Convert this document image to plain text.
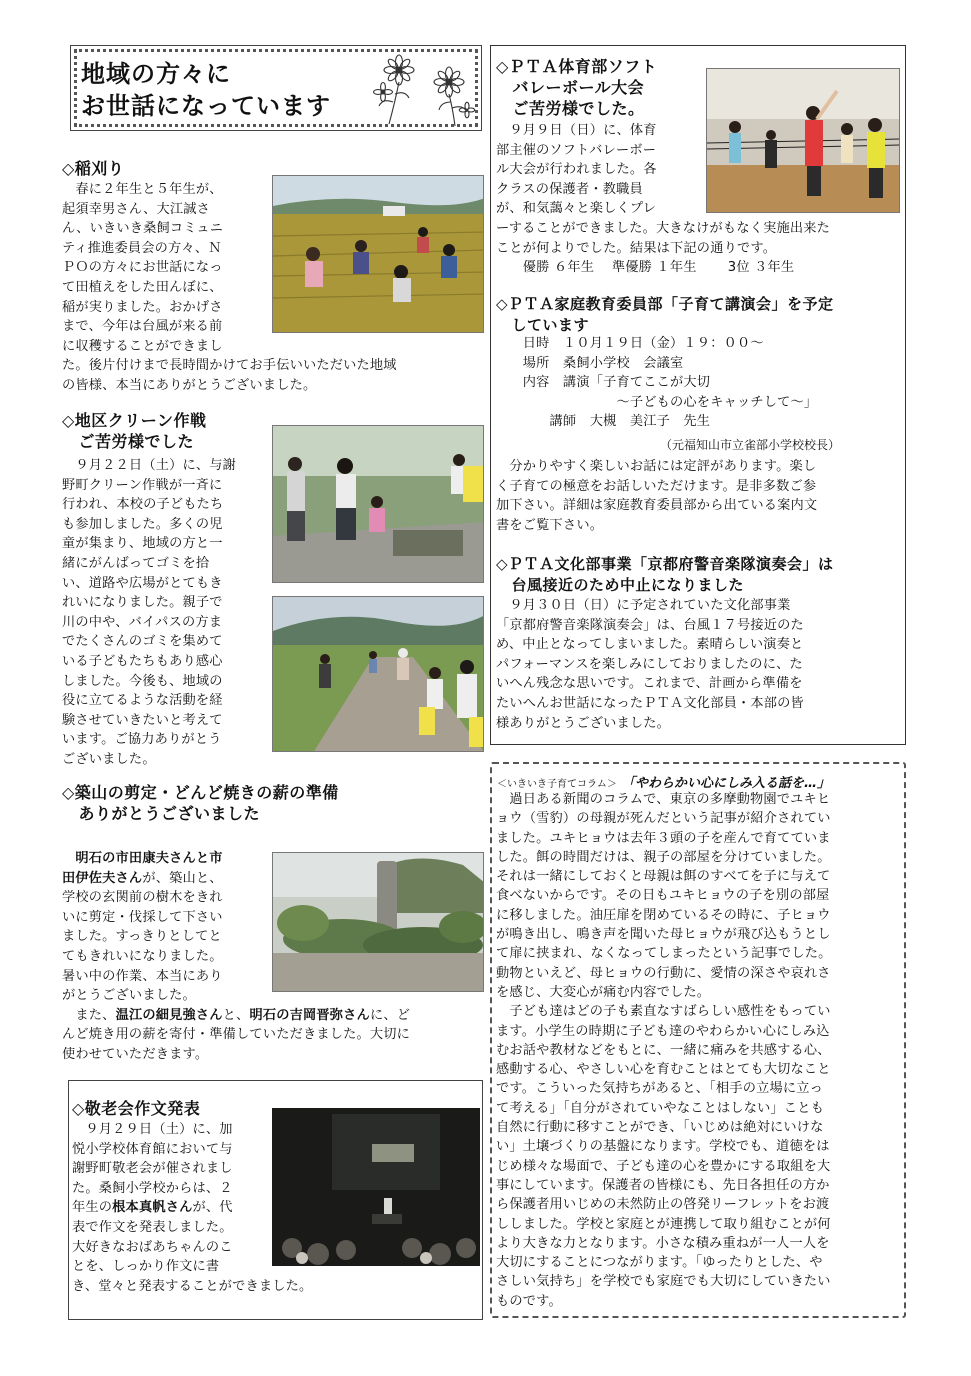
地域の方々に
お世話になっています
◇稲刈り
　春に２年生と５年生が、
起須幸男さん、大江誠さ
ん、いきいき桑飼コミュニ
ティ推進委員会の方々、Ｎ
ＰＯの方々にお世話になっ
て田植えをした田んぼに、
稲が実りました。おかげさ
まで、今年は台風が来る前
に収穫することができまし
た。後片付けまで長時間かけてお手伝いいただいた地域
の皆様、本当にありがとうございました。
◇地区クリーン作戦
　ご苦労様でした
　９月２２日（土）に、与謝
野町クリーン作戦が一斉に
行われ、本校の子どもたち
も参加しました。多くの児
童が集まり、地域の方と一
緒にがんばってゴミを拾
い、道路や広場がとてもき
れいになりました。親子で
川の中や、バイパスの方ま
でたくさんのゴミを集めて
いる子どもたちもあり感心
しました。今後も、地域の
役に立てるような活動を経
験させていきたいと考えて
います。ご協力ありがとう
ございました。
◇築山の剪定・どんど焼きの薪の準備
　ありがとうございました
　明石の市田康夫さんと市
田伊佐夫さんが、築山と、
学校の玄関前の樹木をきれ
いに剪定・伐採して下さい
ました。すっきりとしてと
てもきれいになりました。
暑い中の作業、本当にあり
がとうございました。
　また、温江の細見強さんと、明石の吉岡晋弥さんに、ど
んど焼き用の薪を寄付・準備していただきました。大切に
使わせていただきます。
◇敬老会作文発表
　９月２９日（土）に、加
悦小学校体育館において与
謝野町敬老会が催されまし
た。桑飼小学校からは、２
年生の根本真帆さんが、代
表で作文を発表しました。
大好きなおばあちゃんのこ
とを、しっかり作文に書
き、堂々と発表することができました。
◇ＰＴＡ体育部ソフト
　バレーボール大会
　ご苦労様でした。
　９月９日（日）に、体育
部主催のソフトバレーボー
ル大会が行われました。各
クラスの保護者・教職員
が、和気藹々と楽しくプレ
ーすることができました。大きなけがもなく実施出来た
ことが何よりでした。結果は下記の通りです。
　　優勝 ６年生　 準優勝 １年生　　 3位 ３年生
◇ＰＴＡ家庭教育委員部「子育て講演会」を予定
　しています
　　日時　１０月１９日（金）１９：００～
　　場所　桑飼小学校　会議室
　　内容　講演「子育てここが大切
　　　　　　　　　～子どもの心をキャッチして～」
　　　　講師　大槻　美江子　先生
（元福知山市立雀部小学校校長）
　分かりやすく楽しいお話には定評があります。楽し
く子育ての極意をお話しいただけます。是非多数ご参
加下さい。詳細は家庭教育委員部から出ている案内文
書をご覧下さい。
◇ＰＴＡ文化部事業「京都府警音楽隊演奏会」は
　台風接近のため中止になりました
　９月３０日（日）に予定されていた文化部事業
「京都府警音楽隊演奏会」は、台風１７号接近のた
め、中止となってしまいました。素晴らしい演奏と
パフォーマンスを楽しみにしておりましたのに、た
いへん残念な思いです。これまで、計画から準備を
たいへんお世話になったＰＴＡ文化部員・本部の皆
様ありがとうございました。
＜いきいき子育てコラム＞ 「やわらかい心にしみ入る話を…」
　過日ある新聞のコラムで、東京の多摩動物園でユキヒ
ョウ（雪豹）の母親が死んだという記事が紹介されてい
ました。ユキヒョウは去年３頭の子を産んで育てていま
した。餌の時間だけは、親子の部屋を分けていました。
それは一緒にしておくと母親は餌のすべてを子に与えて
食べないからです。その日もユキヒョウの子を別の部屋
に移しました。油圧扉を閉めているその時に、子ヒョウ
が鳴き出し、鳴き声を聞いた母ヒョウが飛び込もうとし
て扉に挟まれ、なくなってしまったという記事でした。
動物といえど、母ヒョウの行動に、愛情の深さや哀れさ
を感じ、大変心が痛む内容でした。
　子ども達はどの子も素直なすばらしい感性をもってい
ます。小学生の時期に子ども達のやわらかい心にしみ込
むお話や教材などをもとに、一緒に痛みを共感する心、
感動する心、やさしい心を育むことはとても大切なこと
です。こういった気持ちがあると、「相手の立場に立っ
て考える」「自分がされていやなことはしない」ことも
自然に行動に移すことができ、「いじめは絶対にいけな
い」土壌づくりの基盤になります。学校でも、道徳をは
じめ様々な場面で、子ども達の心を豊かにする取組を大
事にしています。保護者の皆様にも、先日各担任の方か
ら保護者用いじめの未然防止の啓発リーフレットをお渡
ししました。学校と家庭とが連携して取り組むことが何
より大きな力となります。小さな積み重ねが一人一人を
大切にすることにつながります。「ゆったりとした、や
さしい気持ち」を学校でも家庭でも大切にしていきたい
ものです。
